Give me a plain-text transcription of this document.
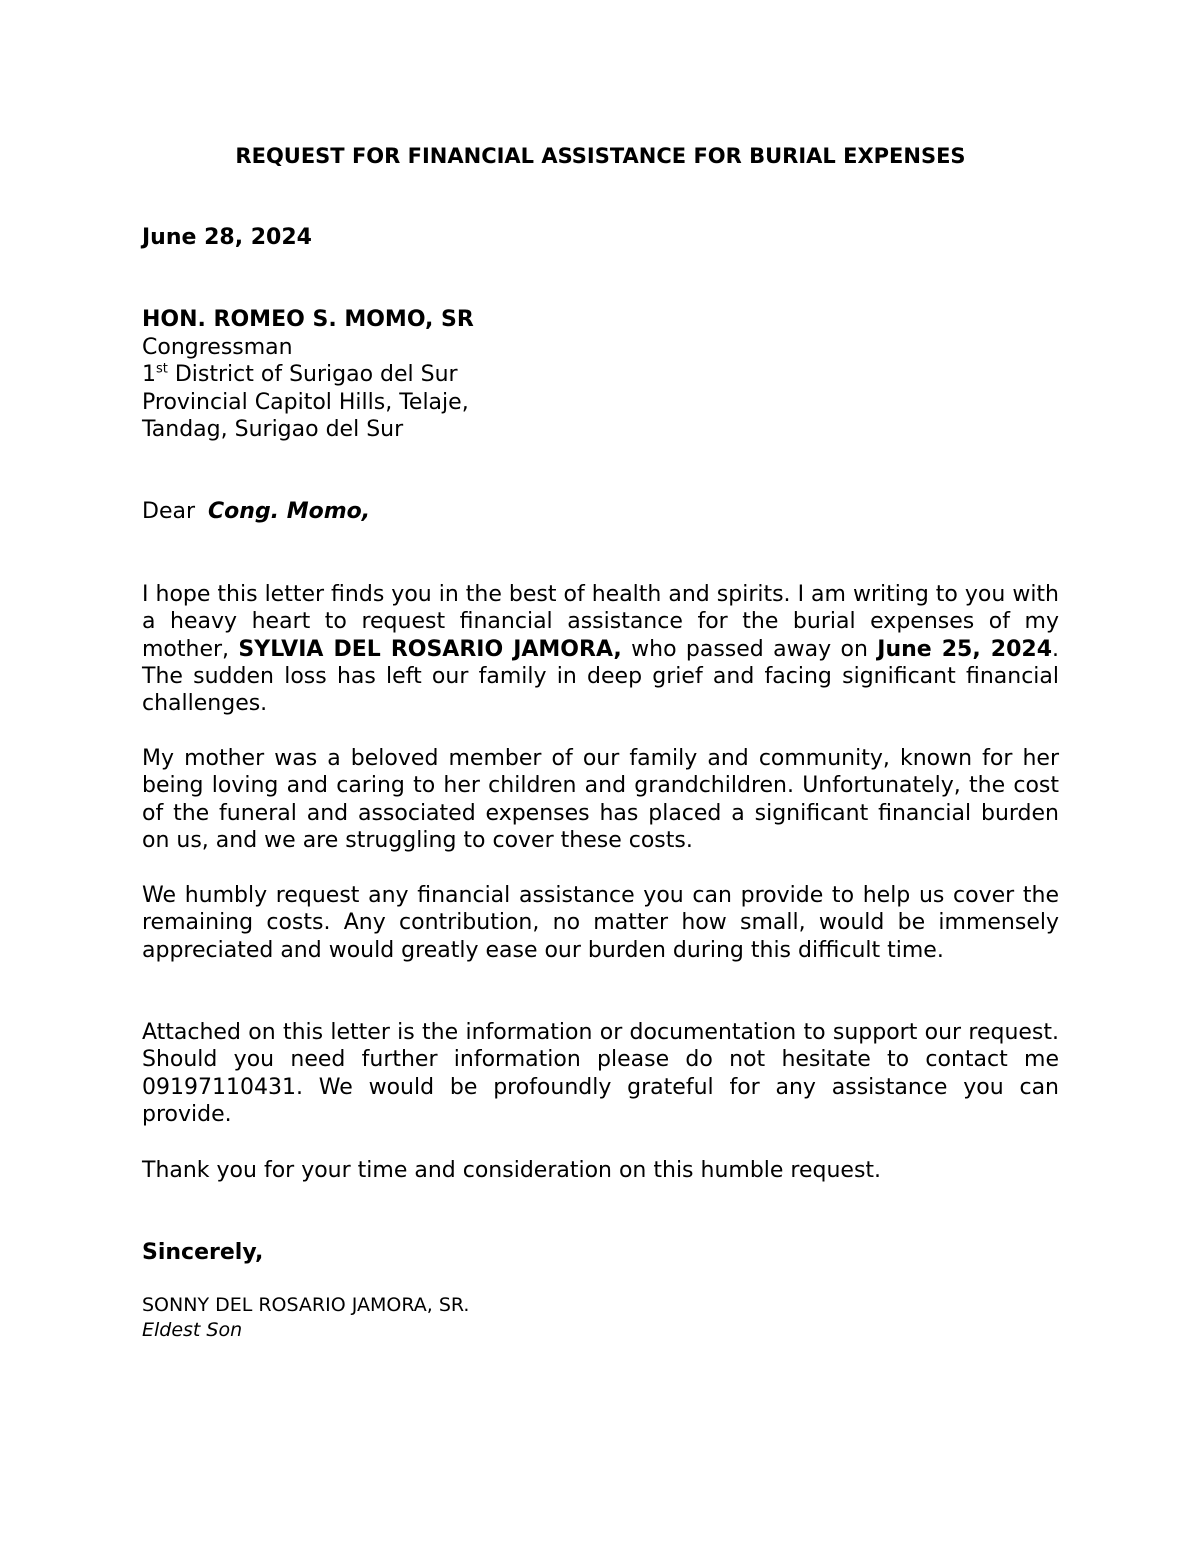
REQUEST FOR FINANCIAL ASSISTANCE FOR BURIAL EXPENSES
June 28, 2024
HON. ROMEO S. MOMO, SR
Congressman
1st District of Surigao del Sur
Provincial Capitol Hills, Telaje,
Tandag, Surigao del Sur
Dear Cong. Momo,
I hope this letter finds you in the best of health and spirits. I am writing to you with a heavy heart to request financial assistance for the burial expenses of my mother, SYLVIA DEL ROSARIO JAMORA, who passed away on June 25, 2024. The sudden loss has left our family in deep grief and facing significant financial challenges.
My mother was a beloved member of our family and community, known for her being loving and caring to her children and grandchildren. Unfortunately, the cost of the funeral and associated expenses has placed a significant financial burden on us, and we are struggling to cover these costs.
We humbly request any financial assistance you can provide to help us cover the remaining costs. Any contribution, no matter how small, would be immensely appreciated and would greatly ease our burden during this difficult time.
Attached on this letter is the information or documentation to support our request. Should you need further information please do not hesitate to contact me 09197110431. We would be profoundly grateful for any assistance you can provide.
Thank you for your time and consideration on this humble request.
Sincerely,
SONNY DEL ROSARIO JAMORA, SR.
Eldest Son
